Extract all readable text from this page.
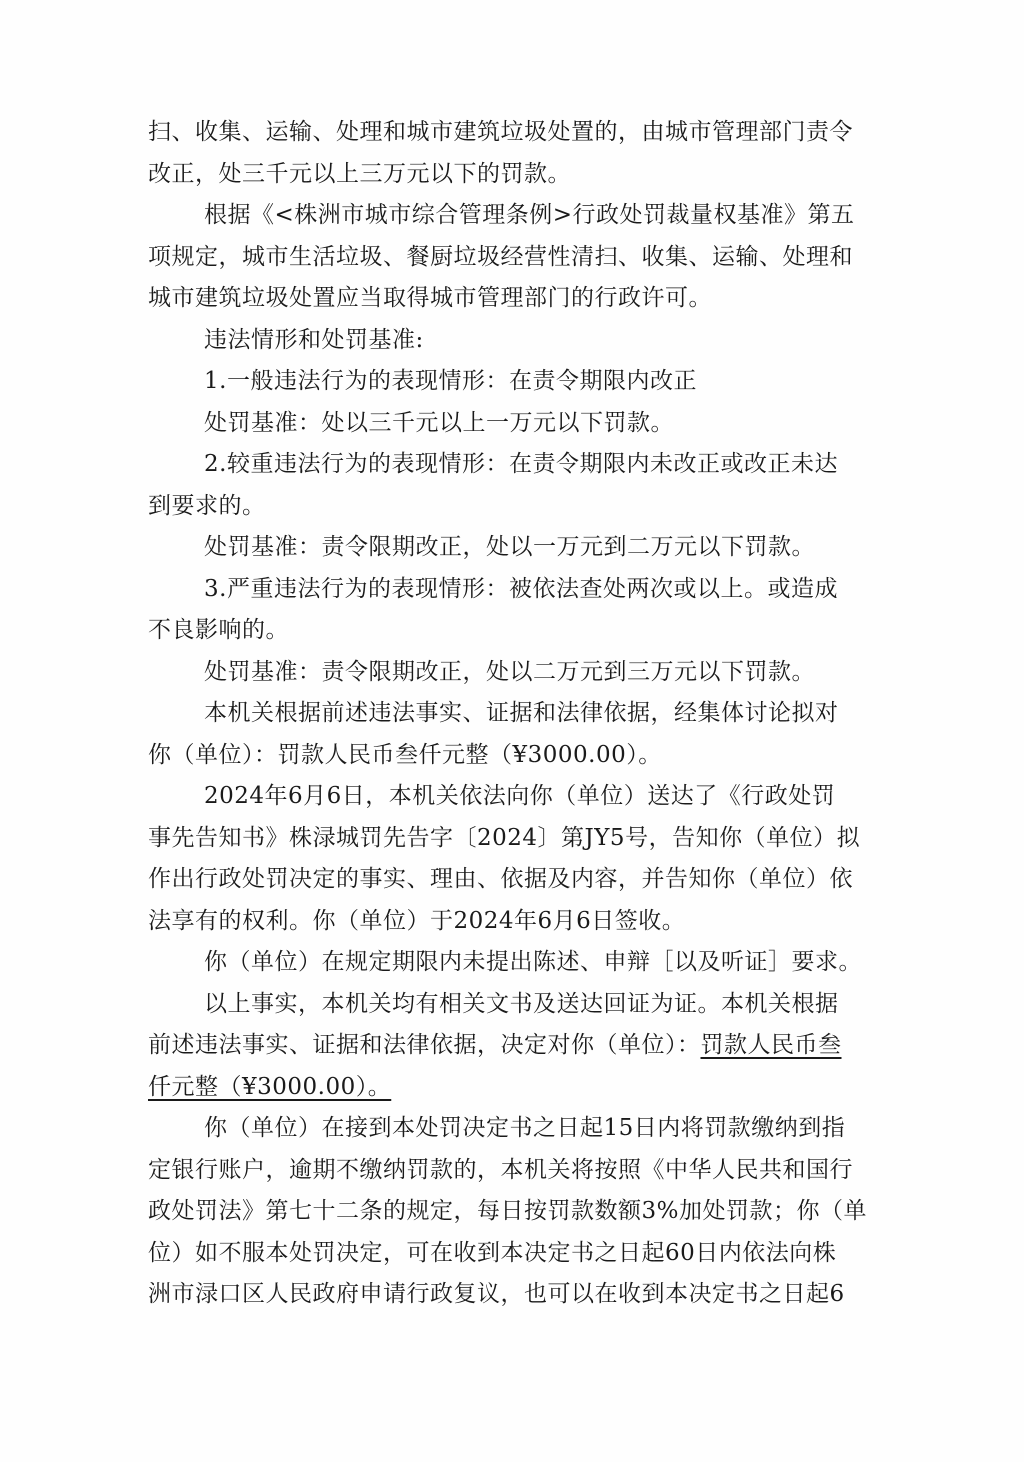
扫、收集、运输、处理和城市建筑垃圾处置的，由城市管理部门责令
改正，处三千元以上三万元以下的罚款。
根据《<株洲市城市综合管理条例>行政处罚裁量权基准》第五
项规定，城市生活垃圾、餐厨垃圾经营性清扫、收集、运输、处理和
城市建筑垃圾处置应当取得城市管理部门的行政许可。
违法情形和处罚基准:
1.一般违法行为的表现情形：在责令期限内改正
处罚基准：处以三千元以上一万元以下罚款。
2.较重违法行为的表现情形：在责令期限内未改正或改正未达
到要求的。
处罚基准：责令限期改正，处以一万元到二万元以下罚款。
3.严重违法行为的表现情形：被依法查处两次或以上。或造成
不良影响的。
处罚基准：责令限期改正，处以二万元到三万元以下罚款。
本机关根据前述违法事实、证据和法律依据，经集体讨论拟对
你（单位）：罚款人民币叁仟元整（¥3000.00）。
2024年6月6日，本机关依法向你（单位）送达了《行政处罚
事先告知书》株渌城罚先告字〔2024〕第JY5号，告知你（单位）拟
作出行政处罚决定的事实、理由、依据及内容，并告知你（单位）依
法享有的权利。你（单位）于2024年6月6日签收。
你（单位）在规定期限内未提出陈述、申辩［以及听证］要求。
以上事实，本机关均有相关文书及送达回证为证。本机关根据
前述违法事实、证据和法律依据，决定对你（单位）：罚款人民币叁
仟元整（¥3000.00）。
你（单位）在接到本处罚决定书之日起15日内将罚款缴纳到指
定银行账户，逾期不缴纳罚款的，本机关将按照《中华人民共和国行
政处罚法》第七十二条的规定，每日按罚款数额3%加处罚款；你（单
位）如不服本处罚决定，可在收到本决定书之日起60日内依法向株
洲市渌口区人民政府申请行政复议，也可以在收到本决定书之日起6
